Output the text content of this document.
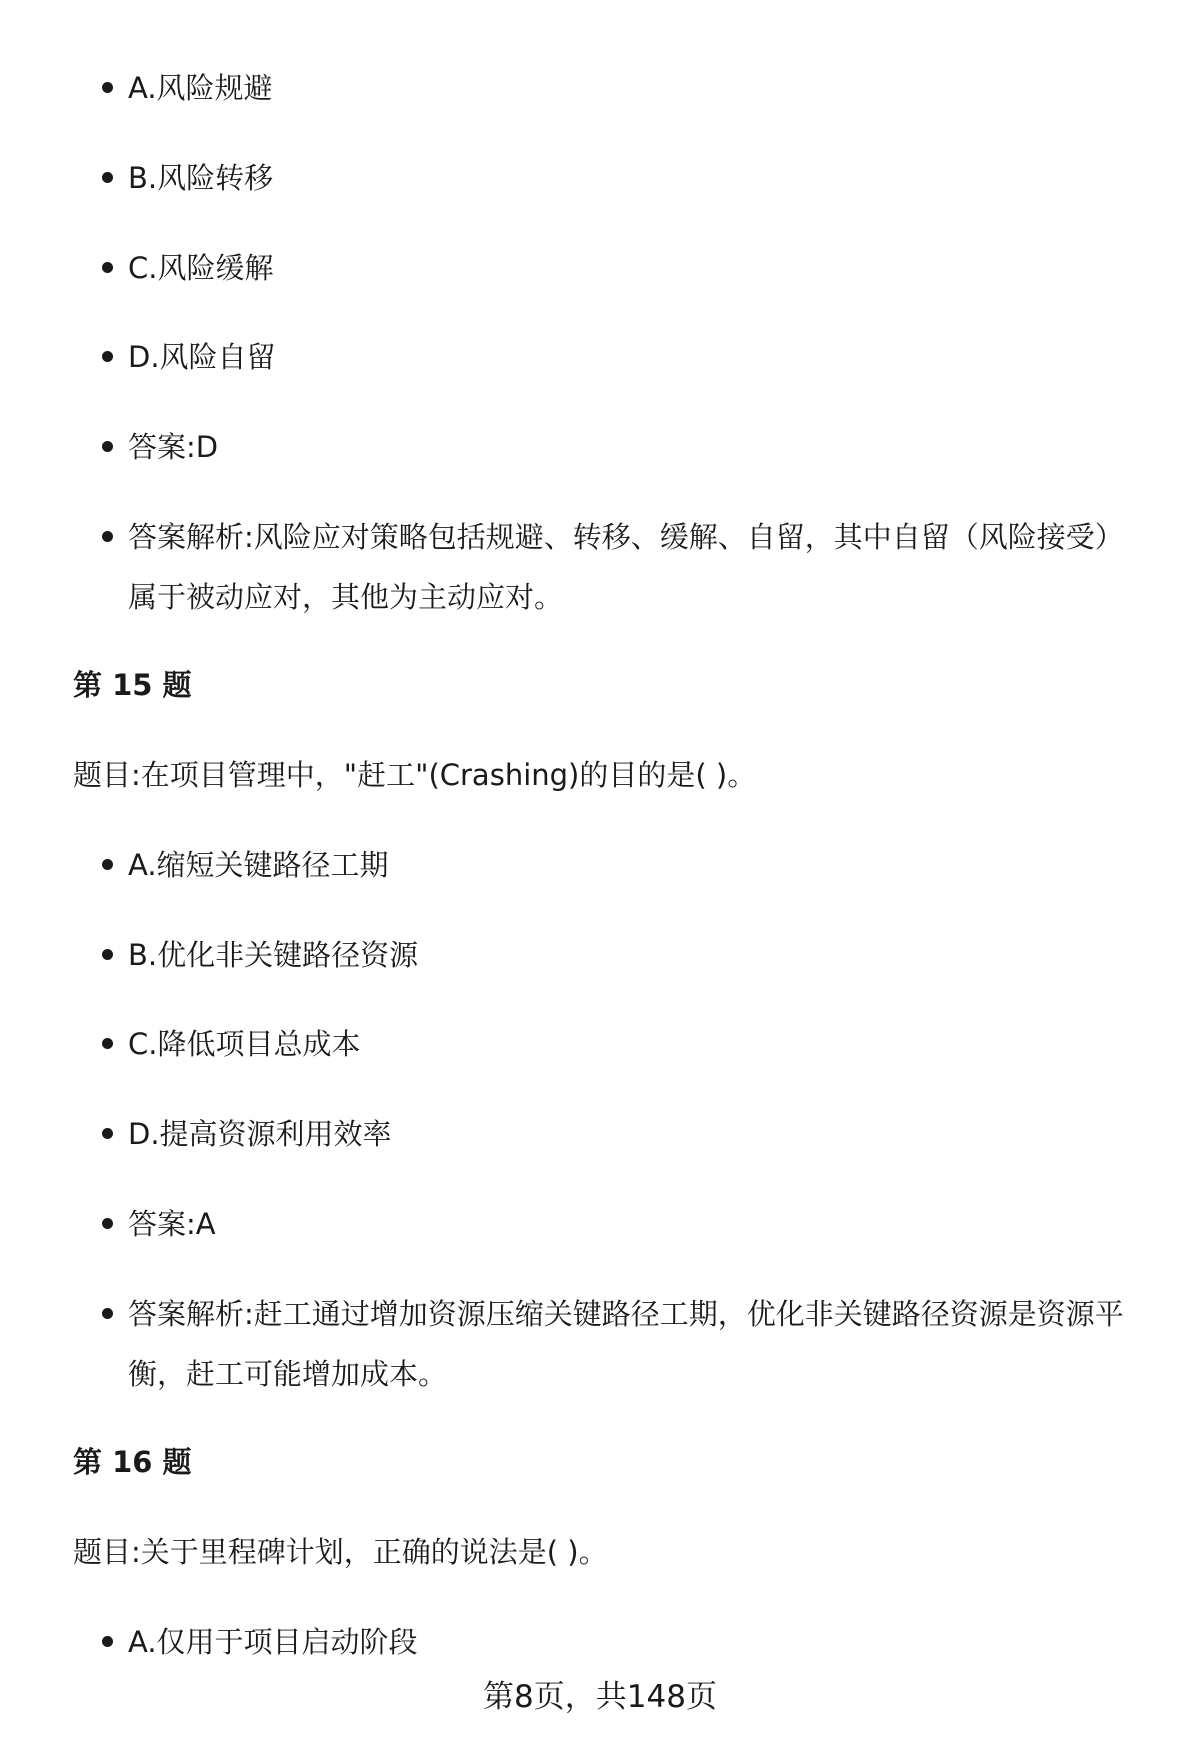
A.风险规避
B.风险转移
C.风险缓解
D.风险自留
答案:D
答案解析:风险应对策略包括规避、转移、缓解、自留，其中自留（风险接受）属于被动应对，其他为主动应对。
第 15 题
题目:在项目管理中，"赶工"(Crashing)的目的是( )。
A.缩短关键路径工期
B.优化非关键路径资源
C.降低项目总成本
D.提高资源利用效率
答案:A
答案解析:赶工通过增加资源压缩关键路径工期，优化非关键路径资源是资源平衡，赶工可能增加成本。
第 16 题
题目:关于里程碑计划，正确的说法是( )。
A.仅用于项目启动阶段
第8页，共148页
